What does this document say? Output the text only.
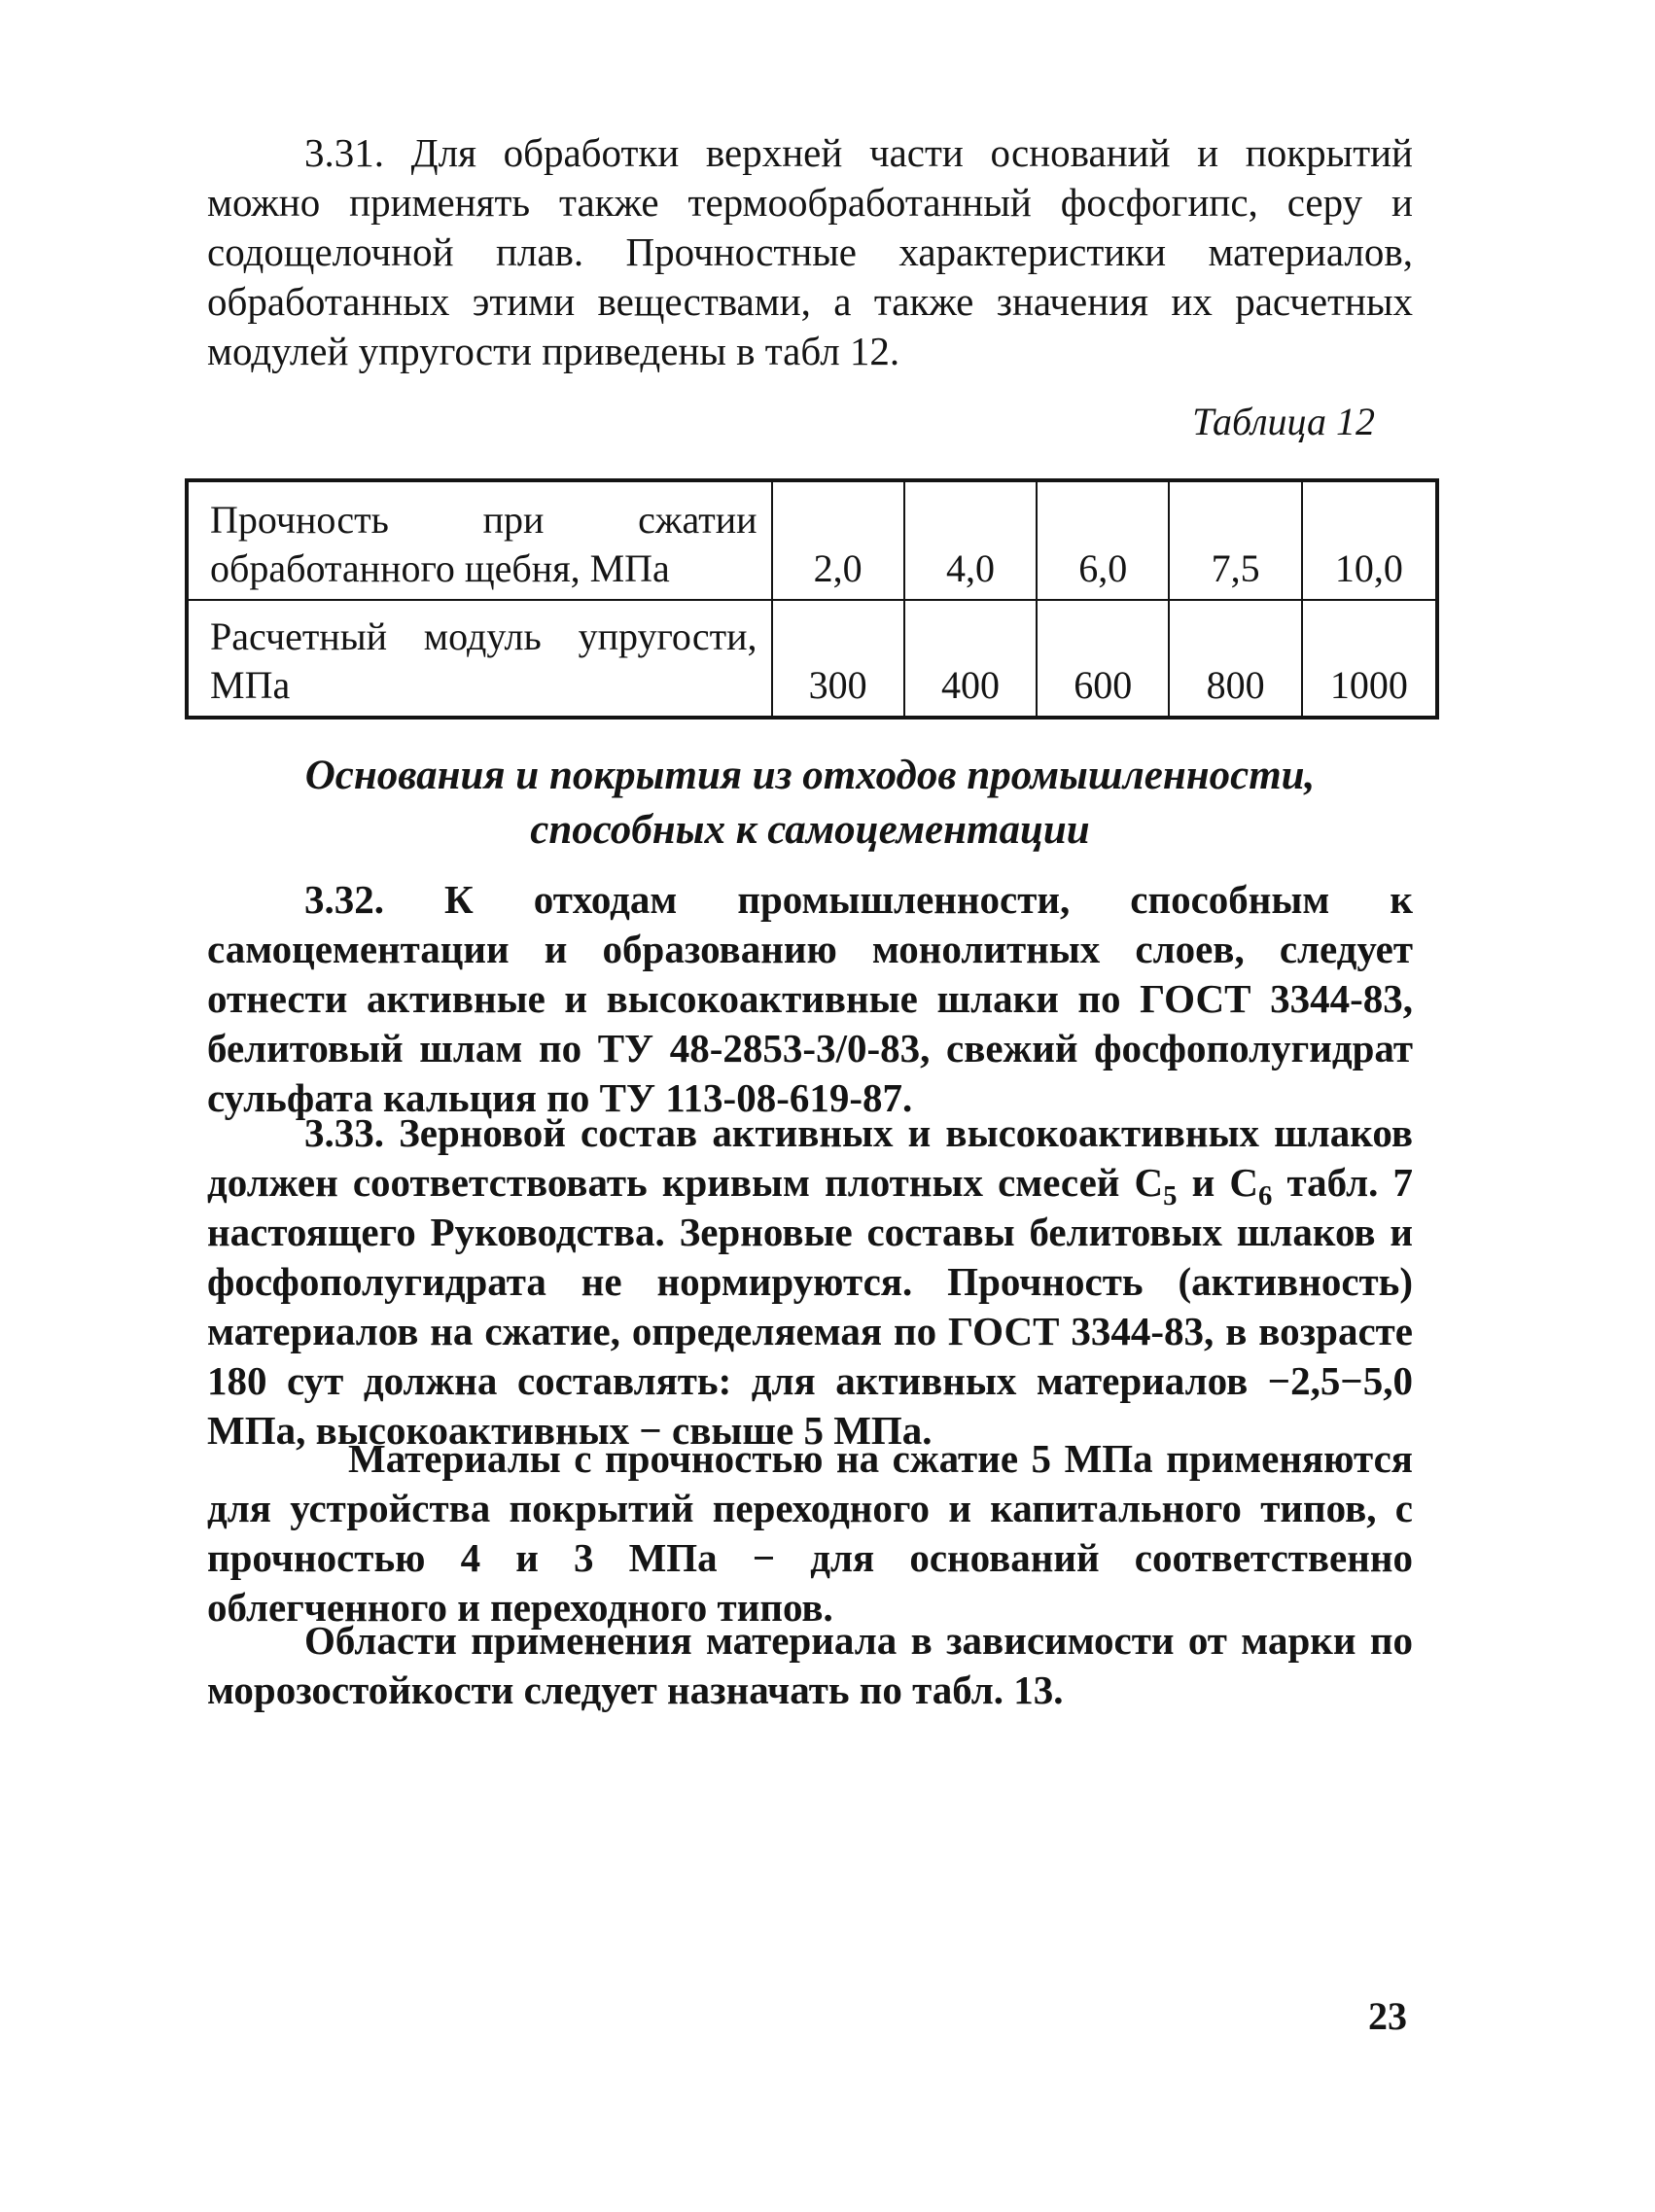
3.31. Для обработки верхней части оснований и покрытий можно применять также термообработанный фосфогипс, серу и содощелочной плав. Прочностные характеристики материалов, обработанных этими веществами, а также значения их расчетных модулей упругости приведены в табл 12.

Таблица 12

Прочность при сжатии обработанного щебня, МПа	2,0	4,0	6,0	7,5	10,0
Расчетный модуль упругости, МПа	300	400	600	800	1000
Основания и покрытия из отходов промышленности, способных к самоцементации

3.32. К отходам промышленности, способным к самоцементации и образованию монолитных слоев, следует отнести активные и высокоактивные шлаки по ГОСТ 3344-83, белитовый шлам по ТУ 48-2853-3/0-83, свежий фосфополугидрат сульфата кальция по ТУ 113-08-619-87.

3.33. Зерновой состав активных и высокоактивных шлаков должен соответствовать кривым плотных смесей $C_5$ и $C_6$ табл. 7 настоящего Руководства. Зерновые составы белитовых шлаков и фосфополугидрата не нормируются. Прочность (активность) материалов на сжатие, определяемая по ГОСТ 3344-83, в возрасте 180 сут должна составлять: для активных материалов −2,5−5,0 МПа, высокоактивных − свыше 5 МПа.

Материалы с прочностью на сжатие 5 МПа применяются для устройства покрытий переходного и капитального типов, с прочностью 4 и 3 МПа − для оснований соответственно облегченного и переходного типов.

Области применения материала в зависимости от марки по морозостойкости следует назначать по табл. 13.

23
